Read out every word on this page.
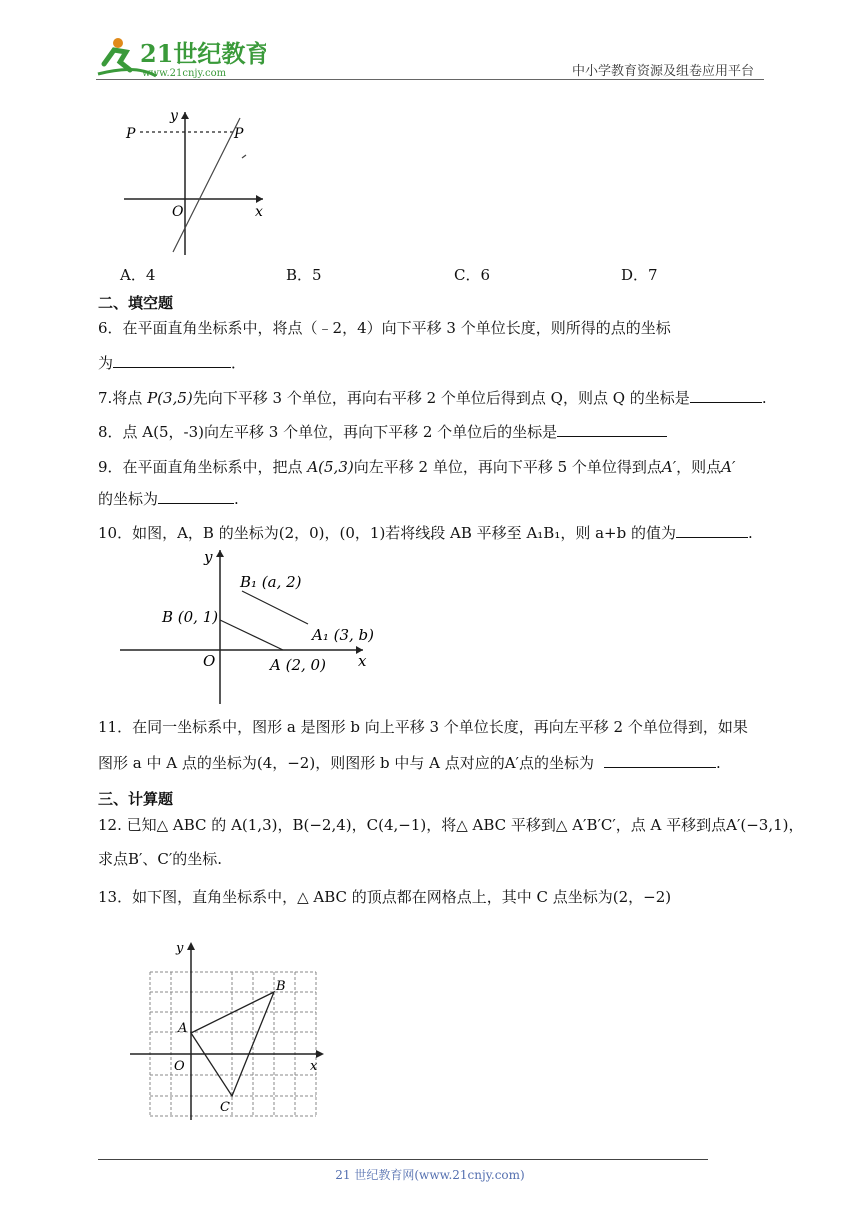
21世纪教育
www.21cnjy.com	中小学教育资源及组卷应用平台
y
x
O
P	P
A．4	B．5	C．6	D．7
二、填空题
6．在平面直角坐标系中，将点（﹣2，4）向下平移 3 个单位长度，则所得的点的坐标
为	．
7.将点 P(3,5)先向下平移 3 个单位，再向右平移 2 个单位后得到点 Q，则点 Q 的坐标是	.
8．点 A(5，-3)向左平移 3 个单位，再向下平移 2 个单位后的坐标是
9．在平面直角坐标系中，把点 A(5,3)向左平移 2 单位，再向下平移 5 个单位得到点A′，则点A′
的坐标为	.
10．如图，A，B 的坐标为(2，0)，(0，1)若将线段 AB 平移至 A₁B₁，则 a+b 的值为	.
y
x
O
B (0, 1)
A (2, 0)
B₁ (a, 2)
A₁ (3, b)
11．在同一坐标系中，图形 a 是图形 b 向上平移 3 个单位长度，再向左平移 2 个单位得到，如果
图形 a 中 A 点的坐标为(4，−2)，则图形 b 中与 A 点对应的A′点的坐标为	.
三、计算题
12. 已知△ ABC 的 A(1,3)，B(−2,4)，C(4,−1)，将△ ABC 平移到△ A′B′C′，点 A 平移到点A′(−3,1)，
求点B′、C′的坐标.
13．如下图，直角坐标系中，△ ABC 的顶点都在网格点上，其中 C 点坐标为(2，−2)
y
x
O
A
B
C
21 世纪教育网(www.21cnjy.com)
